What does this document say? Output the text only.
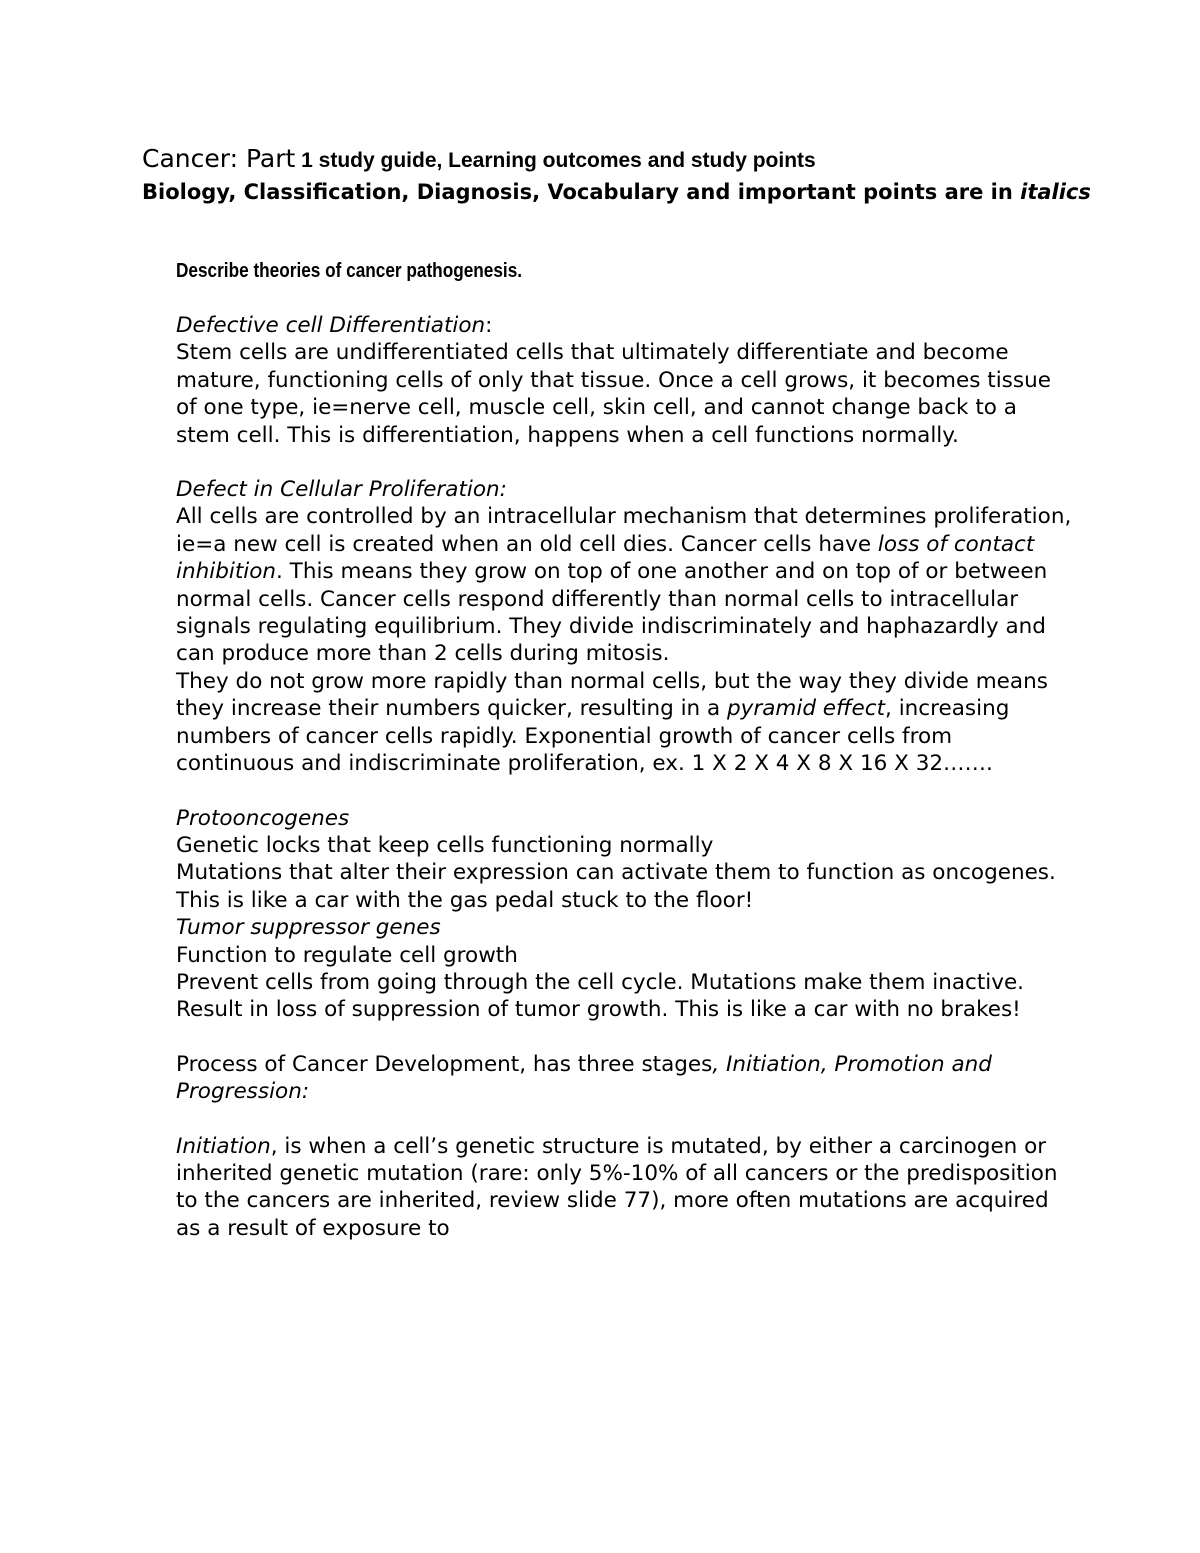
Cancer: Part 1 study guide, Learning outcomes and study points
Biology, Classification, Diagnosis, Vocabulary and important points are in italics
Describe theories of cancer pathogenesis.

Defective cell Differentiation:

Stem cells are undifferentiated cells that ultimately differentiate and become mature, functioning cells of only that tissue. Once a cell grows, it becomes tissue of one type, ie=nerve cell, muscle cell, skin cell, and cannot change back to a stem cell. This is differentiation, happens when a cell functions normally.

Defect in Cellular Proliferation:

All cells are controlled by an intracellular mechanism that determines proliferation, ie=a new cell is created when an old cell dies. Cancer cells have loss of contact inhibition. This means they grow on top of one another and on top of or between normal cells. Cancer cells respond differently than normal cells to intracellular signals regulating equilibrium. They divide indiscriminately and haphazardly and can produce more than 2 cells during mitosis.

They do not grow more rapidly than normal cells, but the way they divide means they increase their numbers quicker, resulting in a pyramid effect, increasing numbers of cancer cells rapidly. Exponential growth of cancer cells from continuous and indiscriminate proliferation, ex. 1 X 2 X 4 X 8 X 16 X 32…….

Protooncogenes

Genetic locks that keep cells functioning normally

Mutations that alter their expression can activate them to function as oncogenes.

This is like a car with the gas pedal stuck to the floor!

Tumor suppressor genes

Function to regulate cell growth

Prevent cells from going through the cell cycle. Mutations make them inactive.

Result in loss of suppression of tumor growth. This is like a car with no brakes!

Process of Cancer Development, has three stages, Initiation, Promotion and Progression:

Initiation, is when a cell’s genetic structure is mutated, by either a carcinogen or inherited genetic mutation (rare: only 5%-10% of all cancers or the predisposition to the cancers are inherited, review slide 77), more often mutations are acquired as a result of exposure to
